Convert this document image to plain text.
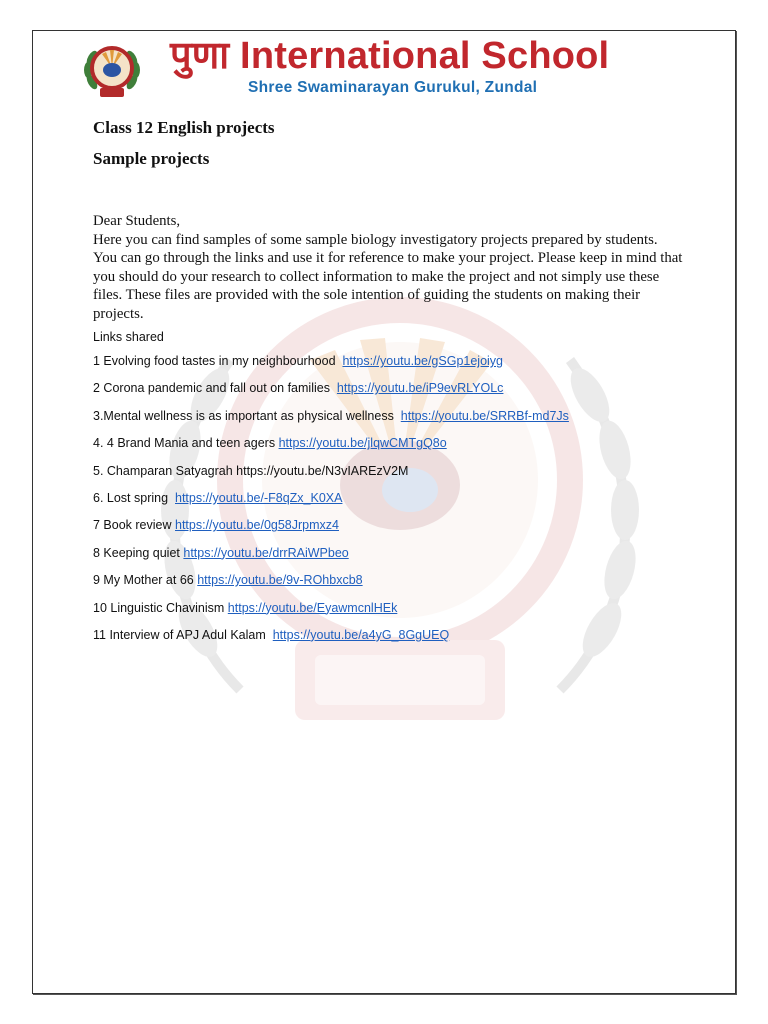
पुणा International School

Shree Swaminarayan Gurukul, Zundal

Class 12 English projects
Sample projects

Dear Students,

Here you can find samples of some sample biology investigatory projects prepared by students. You can go through the links and use it for reference to make your project. Please keep in mind that you should do your research to collect information to make the project and not simply use these files. These files are provided with the sole intention of guiding the students on making their projects.

Links shared

1 Evolving food tastes in my neighbourhood https://youtu.be/gSGp1ejoiyg
2 Corona pandemic and fall out on families https://youtu.be/iP9evRLYOLc
3.Mental wellness is as important as physical wellness https://youtu.be/SRRBf-md7Js
4. 4 Brand Mania and teen agers https://youtu.be/jlqwCMTgQ8o
5. Champaran Satyagrah https://youtu.be/N3vIAREzV2M
6. Lost spring https://youtu.be/-F8qZx_K0XA
7 Book review https://youtu.be/0g58Jrpmxz4
8 Keeping quiet https://youtu.be/drrRAiWPbeo
9 My Mother at 66 https://youtu.be/9v-ROhbxcb8
10 Linguistic Chavinism https://youtu.be/EyawmcnlHEk
11 Interview of APJ Adul Kalam https://youtu.be/a4yG_8GgUEQ
